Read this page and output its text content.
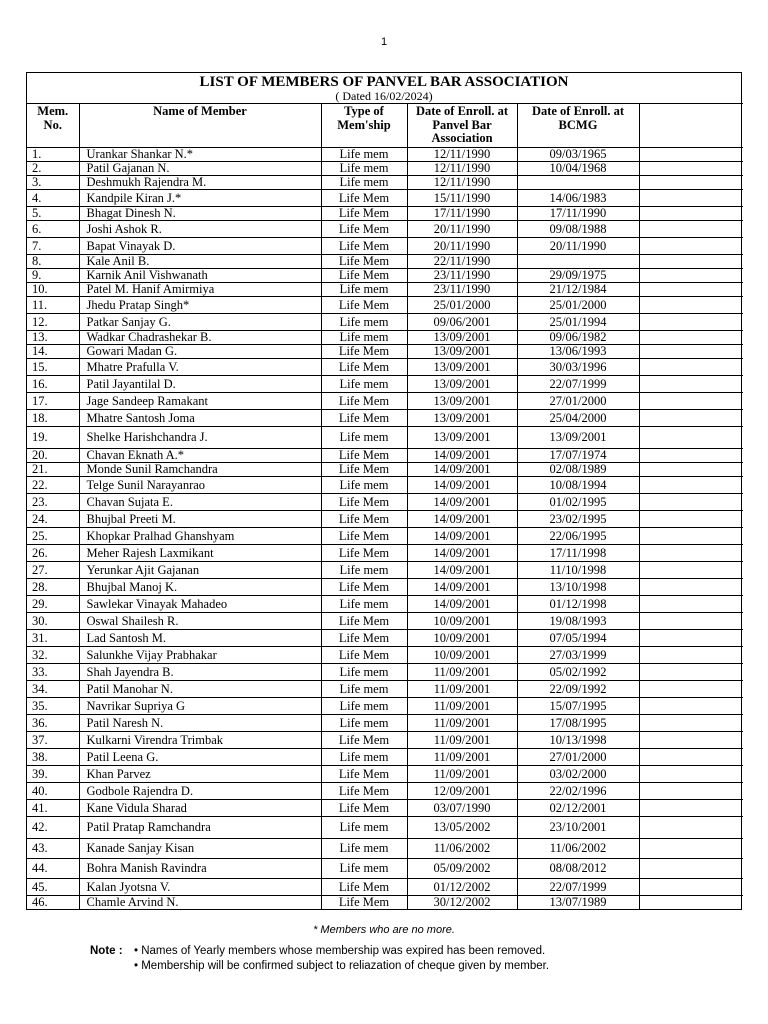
1
LIST OF MEMBERS OF PANVEL BAR ASSOCIATION
( Dated 16/02/2024)
Mem. No.	Name of Member	Type of Mem'ship	Date of Enroll. at Panvel Bar Association	Date of Enroll. at BCMG	
1.	Urankar Shankar N.*	Life mem	12/11/1990	09/03/1965	
2.	Patil Gajanan N.	Life mem	12/11/1990	10/04/1968	
3.	Deshmukh Rajendra M.	Life mem	12/11/1990		
4.	Kandpile Kiran J.*	Life Mem	15/11/1990	14/06/1983	
5.	Bhagat Dinesh N.	Life Mem	17/11/1990	17/11/1990	
6.	Joshi Ashok R.	Life Mem	20/11/1990	09/08/1988	
7.	Bapat Vinayak D.	Life Mem	20/11/1990	20/11/1990	
8.	Kale Anil B.	Life Mem	22/11/1990		
9.	Karnik Anil Vishwanath	Life Mem	23/11/1990	29/09/1975	
10.	Patel M. Hanif Amirmiya	Life mem	23/11/1990	21/12/1984	
11.	Jhedu Pratap Singh*	Life Mem	25/01/2000	25/01/2000	
12.	Patkar Sanjay G.	Life mem	09/06/2001	25/01/1994	
13.	Wadkar Chadrashekar B.	Life mem	13/09/2001	09/06/1982	
14.	Gowari Madan G.	Life Mem	13/09/2001	13/06/1993	
15.	Mhatre Prafulla V.	Life Mem	13/09/2001	30/03/1996	
16.	Patil Jayantilal D.	Life mem	13/09/2001	22/07/1999	
17.	Jage Sandeep Ramakant	Life Mem	13/09/2001	27/01/2000	
18.	Mhatre Santosh Joma	Life Mem	13/09/2001	25/04/2000	
19.	Shelke Harishchandra J.	Life mem	13/09/2001	13/09/2001	
20.	Chavan Eknath A.*	Life Mem	14/09/2001	17/07/1974	
21.	Monde Sunil Ramchandra	Life Mem	14/09/2001	02/08/1989	
22.	Telge Sunil Narayanrao	Life mem	14/09/2001	10/08/1994	
23.	Chavan Sujata E.	Life Mem	14/09/2001	01/02/1995	
24.	Bhujbal Preeti M.	Life Mem	14/09/2001	23/02/1995	
25.	Khopkar Pralhad Ghanshyam	Life Mem	14/09/2001	22/06/1995	
26.	Meher Rajesh Laxmikant	Life Mem	14/09/2001	17/11/1998	
27.	Yerunkar Ajit Gajanan	Life mem	14/09/2001	11/10/1998	
28.	Bhujbal Manoj K.	Life Mem	14/09/2001	13/10/1998	
29.	Sawlekar Vinayak Mahadeo	Life mem	14/09/2001	01/12/1998	
30.	Oswal Shailesh R.	Life Mem	10/09/2001	19/08/1993	
31.	Lad Santosh M.	Life Mem	10/09/2001	07/05/1994	
32.	Salunkhe Vijay Prabhakar	Life Mem	10/09/2001	27/03/1999	
33.	Shah Jayendra B.	Life mem	11/09/2001	05/02/1992	
34.	Patil Manohar N.	Life mem	11/09/2001	22/09/1992	
35.	Navrikar Supriya G	Life mem	11/09/2001	15/07/1995	
36.	Patil Naresh N.	Life mem	11/09/2001	17/08/1995	
37.	Kulkarni Virendra Trimbak	Life Mem	11/09/2001	10/13/1998	
38.	Patil Leena G.	Life mem	11/09/2001	27/01/2000	
39.	Khan Parvez	Life Mem	11/09/2001	03/02/2000	
40.	Godbole Rajendra D.	Life Mem	12/09/2001	22/02/1996	
41.	Kane Vidula Sharad	Life Mem	03/07/1990	02/12/2001	
42.	Patil Pratap Ramchandra	Life mem	13/05/2002	23/10/2001	
43.	Kanade Sanjay Kisan	Life mem	11/06/2002	11/06/2002	
44.	Bohra Manish Ravindra	Life mem	05/09/2002	08/08/2012	
45.	Kalan Jyotsna V.	Life Mem	01/12/2002	22/07/1999	
46.	Chamle Arvind N.	Life Mem	30/12/2002	13/07/1989	
* Members who are no more.
Note : • Names of Yearly members whose membership was expired has been removed.
• Membership will be confirmed subject to reliazation of cheque given by member.
